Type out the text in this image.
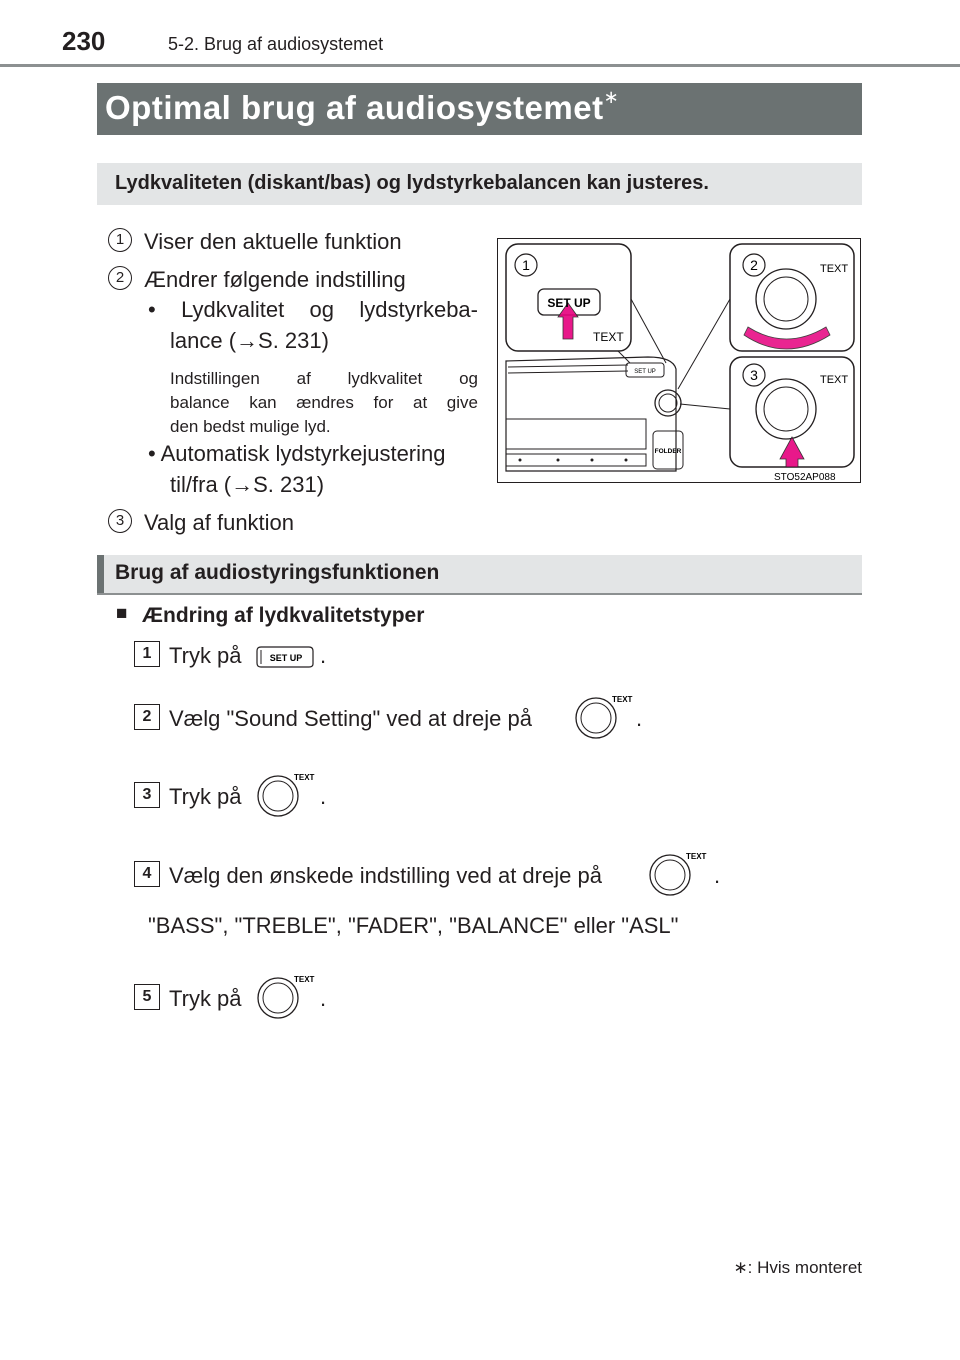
230	5-2. Brug af audiosystemet
Optimal brug af audiosystemet∗
Lydkvaliteten (diskant/bas) og lydstyrkebalancen kan justeres.
1 Viser den aktuelle funktion
2 Ændrer følgende indstilling
• Lydkvalitet og lydstyrkeba-
lance (→S. 231)
Indstillingen af lydkvalitet og
balance kan ændres for at give
den bedst mulige lyd.
• Automatisk lydstyrkejustering
til/fra (→S. 231)
3 Valg af funktion
1	2
3
SET UP
SET UP
TEXT
TEXT
TEXT
FOLDER
STO52AP088
Brug af audiostyringsfunktionen
■ Ændring af lydkvalitetstyper
1 Tryk på	SET UP .
2 Vælg "Sound Setting" ved at dreje på
TEXT
.
3 Tryk på
TEXT
.
4 Vælg den ønskede indstilling ved at dreje på
TEXT
.
"BASS", "TREBLE", "FADER", "BALANCE" eller "ASL"
5 Tryk på
TEXT
.
∗: Hvis monteret
